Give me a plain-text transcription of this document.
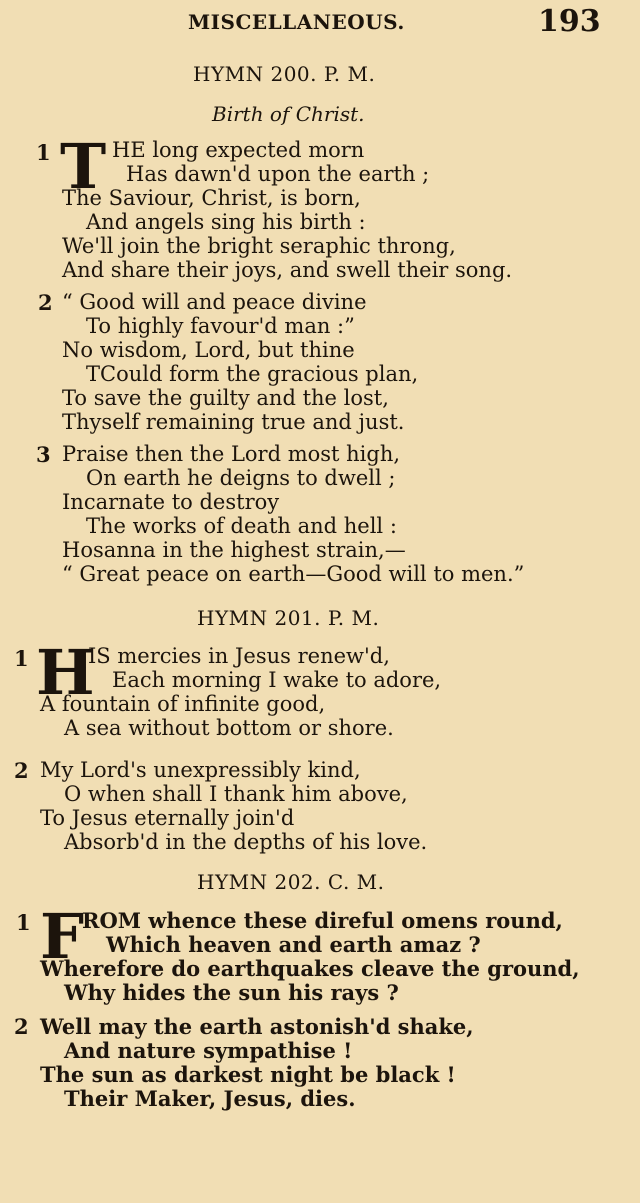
MISCELLANEOUS.	193
HYMN 200. P. M.
Birth of Christ.
1 T HE long expected morn
Has dawn'd upon the earth ;
The Saviour, Christ, is born,
And angels sing his birth :
We'll join the bright seraphic throng,
And share their joys, and swell their song.
2 “ Good will and peace divine
To highly favour'd man :”
No wisdom, Lord, but thine
TCould form the gracious plan,
To save the guilty and the lost,
Thyself remaining true and just.
3 Praise then the Lord most high,
On earth he deigns to dwell ;
Incarnate to destroy
The works of death and hell :
Hosanna in the highest strain,—
“ Great peace on earth—Good will to men.”
HYMN 201. P. M.
1 H
IS mercies in Jesus renew'd,
Each morning I wake to adore,
A fountain of infinite good,
A sea without bottom or shore.
2 My Lord's unexpressibly kind,
O when shall I thank him above,
To Jesus eternally join'd
Absorb'd in the depths of his love.
HYMN 202. C. M.
1 F
ROM whence these direful omens round,
Which heaven and earth amaz ?
Wherefore do earthquakes cleave the ground,
Why hides the sun his rays ?
2 Well may the earth astonish'd shake,
And nature sympathise !
The sun as darkest night be black !
Their Maker, Jesus, dies.
